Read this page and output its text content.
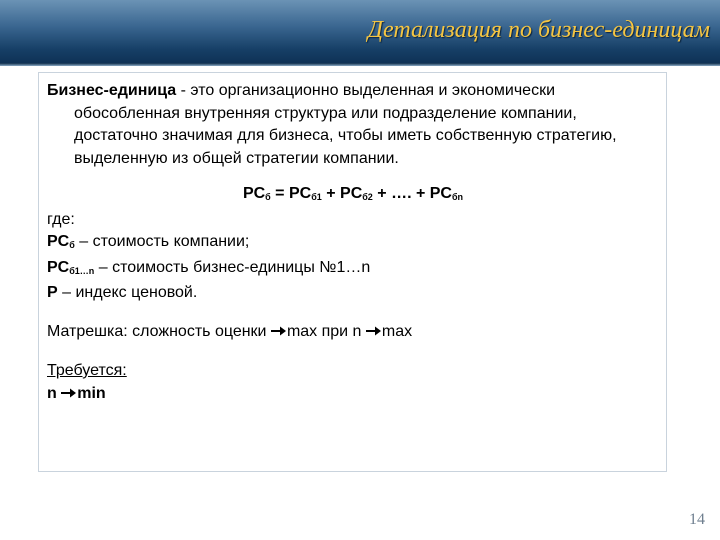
Детализация по бизнес-единицам

Бизнес-единица - это организационно выделенная и экономически обособленная внутренняя структура или подразделение компании, достаточно значимая для бизнеса, чтобы иметь собственную стратегию, выделенную из общей стратегии компании.

$PC_б = PC_{б1} + PC_{б2}$ + …. + $PC_{бn}$

где:

$PC_б$ – стоимость компании;

$PC_{б1\dots n}$ – стоимость бизнес-единицы №1…n

P – индекс ценовой.

Матрешка: сложность оценки max при n max

Требуется:

n min

14
